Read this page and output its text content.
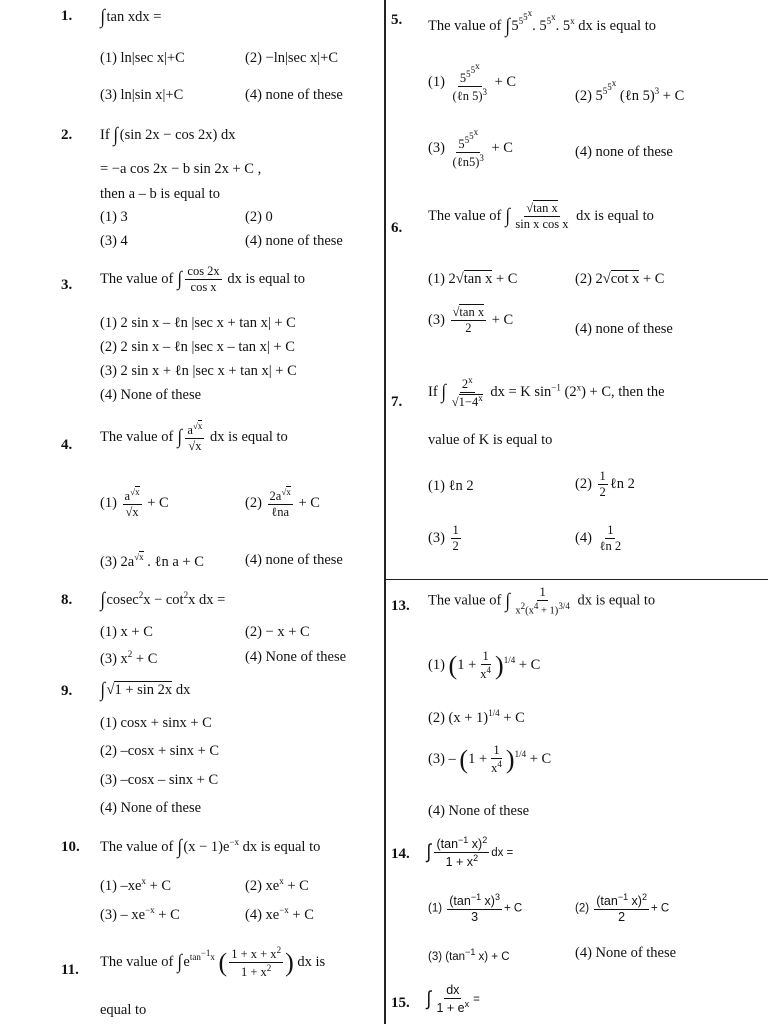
1. ∫tan xdx =
(1) ln|sec x|+C	(2) −ln|sec x|+C
(3) ln|sin x|+C	(4) none of these
2. If ∫(sin 2x − cos 2x) dx
= −a cos 2x − b sin 2x + C ,
then a – b is equal to
(1) 3	(2) 0
(3) 4	(4) none of these
3. The value of ∫ $\frac{\cos 2x}{\text{cos x}}$ dx is equal to
(1) 2 sin x – ℓn |sec x + tan x| + C
(2) 2 sin x – ℓn |sec x – tan x| + C
(3) 2 sin x + ℓn |sec x + tan x| + C
(4) None of these
4. The value of ∫ $\frac{a^{√x}}{√x}$ dx is equal to
$(1) \frac{a^{√x}}{√x} + C$	$(2) \frac{2a^{√x}}{\text{ℓna}} + C$
(3) $2a^{√x}$ . ℓn a + C	(4) none of these
8. $\int cosec^2x - \cot^2x$ dx =
(1) x + C	(2) − x + C
(3) $x^2 + C$	(4) None of these
9. ∫√1 + sin 2x dx
(1) cosx + sinx + C
(2) –cosx + sinx + C
(3) –cosx – sinx + C
(4) None of these
10. The value of $\int(x - 1)e^{-x}$ dx is equal to
(1) $-xe^x + C$	(2) $xe^x + C$
$(3) - xe^{-x} + C$	(4) $xe^{-x} + C$
11. The value of $\int e^{tan^{-1}x}$ ( $\frac{1 + x + x^2}{1 + x^2}$ ) dx is
equal to
5. The value of $\int 5^{5^{5^x}}$. $5^{5^x}$. 5$^x$ dx is equal to
$(1) \frac{5^{5^{5^x}}}{(\ell n 5)^3} + C$
(2) $5^{5^{5^x}}$ (ℓn 5)$^3$ + C
$(3) \frac{5^{5^{5^x}}}{(\ell n5)^3} + C$	(4) none of these
6.
The value of ∫ $\frac{\text{√tan x}}{\text{sin x cos x}}$ dx is equal to
(1) 2√tan x + C	(2) 2√cot x + C
$(3) \frac{\text{√tan x}}{2} + C$
(4) none of these
7.
If ∫ $\frac{2^x}{√1-4^x}$ dx = K $\sin^{-1} (2^x) + C$, then the
value of K is equal to
(1) ℓn 2	$(2) \frac{1}{2}$ ℓn 2
$(3) \frac{1}{2}$	$(4) \frac{1}{\text{ℓn 2}}$
13. The value of ∫ $\frac{1}{x^2(x^4 + 1)^{3/4}}$ dx is equal to
(1) $(1 + \frac{1}{x^4} )^{1/4} + C$
(2) $(x + 1)^{1/4} + C$
$(3) - (1 + \frac{1}{x^4} )^{1/4} + C$
(4) None of these
14. ∫ $\frac{(\tan^{-1} x)^2}{1 + x^2}$ dx =
$(1) \frac{(\tan^{-1} x)^3}{3} + C$	$(2) \frac{(\tan^{-1} x)^2}{2} + C$
(3) ($\tan^{-1}$ x) + C	(4) None of these
15. ∫ $\frac{dx}{1 + e^x}$ =
